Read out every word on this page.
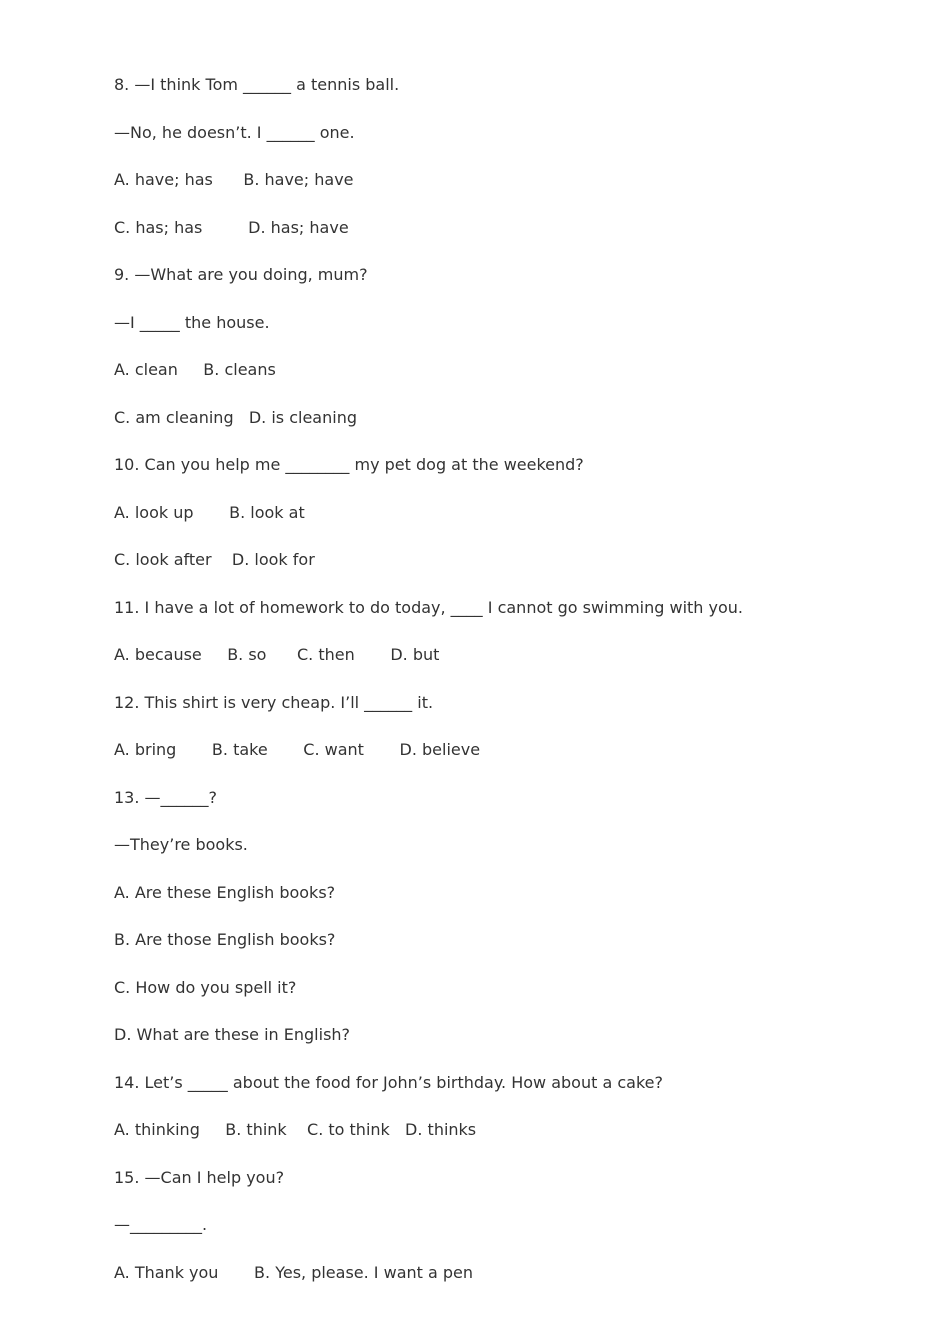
8. —I think Tom ______ a tennis ball.
—No, he doesn’t. I ______ one.
A. have; has      B. have; have
C. has; has         D. has; have
9. —What are you doing, mum?
—I _____ the house.
A. clean     B. cleans
C. am cleaning   D. is cleaning
10. Can you help me ________ my pet dog at the weekend?
A. look up       B. look at
C. look after    D. look for
11. I have a lot of homework to do today, ____ I cannot go swimming with you.
A. because     B. so      C. then       D. but
12. This shirt is very cheap. I’ll ______ it.
A. bring       B. take       C. want       D. believe
13. —______?
—They’re books.
A. Are these English books?
B. Are those English books?
C. How do you spell it?
D. What are these in English?
14. Let’s _____ about the food for John’s birthday. How about a cake?
A. thinking     B. think    C. to think   D. thinks
15. —Can I help you?
—_________.
A. Thank you       B. Yes, please. I want a pen
